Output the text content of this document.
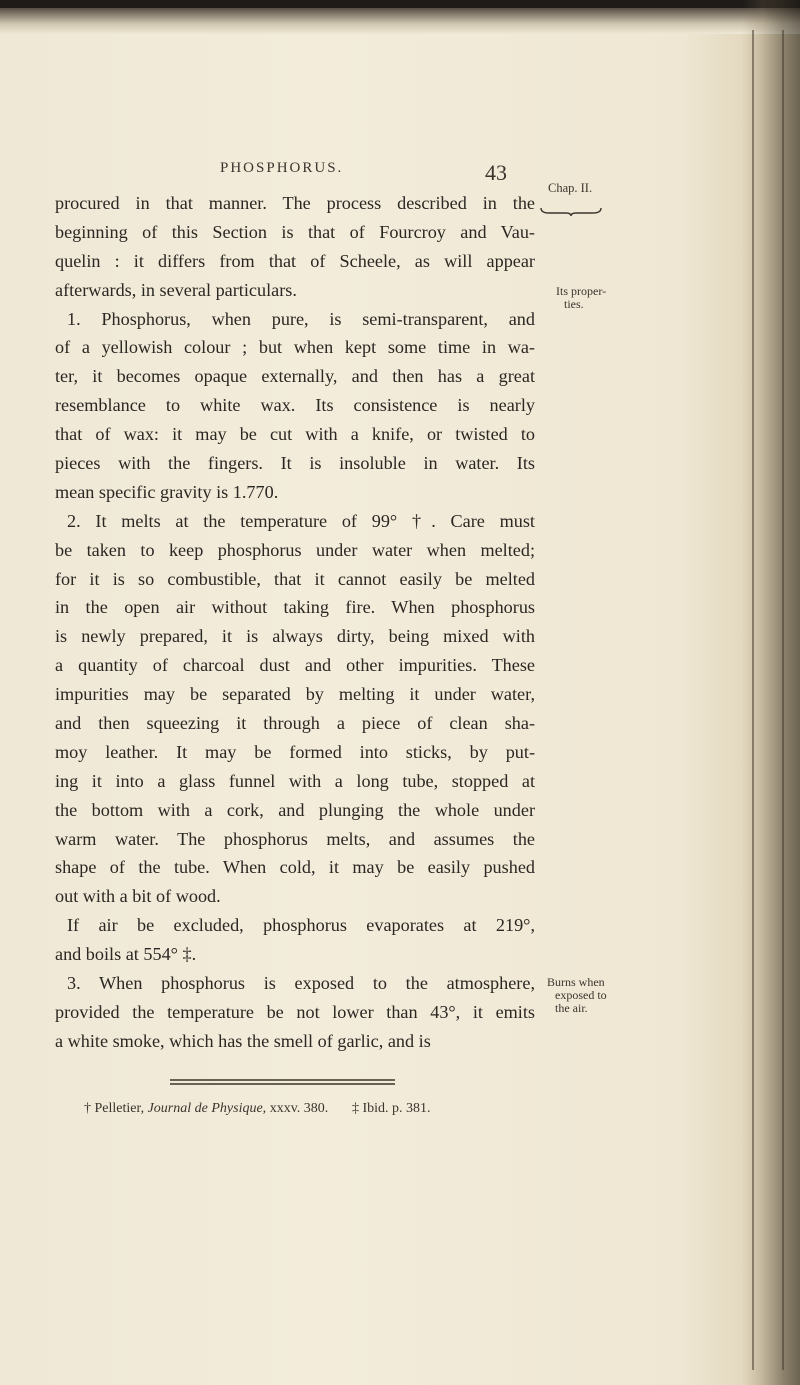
PHOSPHORUS.	43
procured in that manner. The process described in the
beginning of this Section is that of Fourcroy and Vau-
quelin : it differs from that of Scheele, as will appear
afterwards, in several particulars.
1. Phosphorus, when pure, is semi-transparent, and
of a yellowish colour ; but when kept some time in wa-
ter, it becomes opaque externally, and then has a great
resemblance to white wax. Its consistence is nearly
that of wax: it may be cut with a knife, or twisted to
pieces with the fingers. It is insoluble in water. Its
mean specific gravity is 1.770.
2. It melts at the temperature of 99° †. Care must
be taken to keep phosphorus under water when melted;
for it is so combustible, that it cannot easily be melted
in the open air without taking fire. When phosphorus
is newly prepared, it is always dirty, being mixed with
a quantity of charcoal dust and other impurities. These
impurities may be separated by melting it under water,
and then squeezing it through a piece of clean sha-
moy leather. It may be formed into sticks, by put-
ing it into a glass funnel with a long tube, stopped at
the bottom with a cork, and plunging the whole under
warm water. The phosphorus melts, and assumes the
shape of the tube. When cold, it may be easily pushed
out with a bit of wood.
If air be excluded, phosphorus evaporates at 219°,
and boils at 554° ‡.
3. When phosphorus is exposed to the atmosphere,
provided the temperature be not lower than 43°, it emits
a white smoke, which has the smell of garlic, and is
Chap. II.
Its proper-
ties.
Burns when
exposed to
the air.
† Pelletier, Journal de Physique, xxxv. 380. ‡ Ibid. p. 381.
